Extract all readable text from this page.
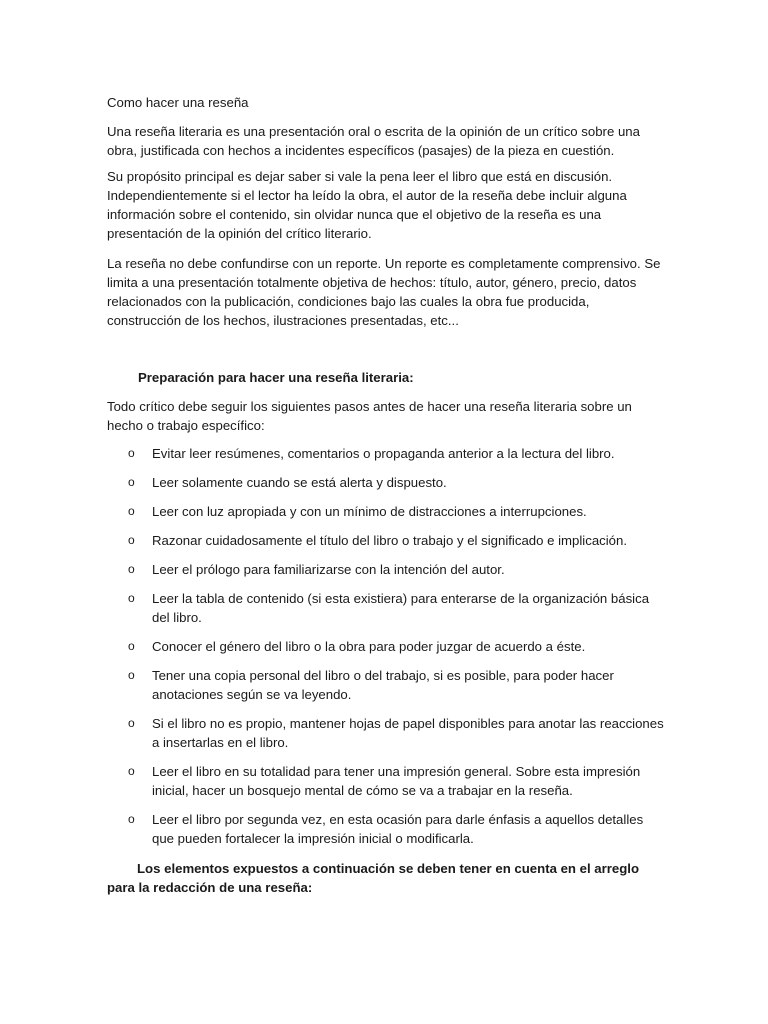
Como hacer una reseña

Una reseña literaria es una presentación oral o escrita de la opinión de un crítico sobre una obra, justificada con hechos a incidentes específicos (pasajes) de la pieza en cuestión.

Su propósito principal es dejar saber si vale la pena leer el libro que está en discusión. Independientemente si el lector ha leído la obra, el autor de la reseña debe incluir alguna información sobre el contenido, sin olvidar nunca que el objetivo de la reseña es una presentación de la opinión del crítico literario.

La reseña no debe confundirse con un reporte. Un reporte es completamente comprensivo. Se limita a una presentación totalmente objetiva de hechos: título, autor, género, precio, datos relacionados con la publicación, condiciones bajo las cuales la obra fue producida, construcción de los hechos, ilustraciones presentadas, etc...

Preparación para hacer una reseña literaria:

Todo crítico debe seguir los siguientes pasos antes de hacer una reseña literaria sobre un hecho o trabajo específico:

o Evitar leer resúmenes, comentarios o propaganda anterior a la lectura del libro.
o Leer solamente cuando se está alerta y dispuesto.
o Leer con luz apropiada y con un mínimo de distracciones a interrupciones.
o Razonar cuidadosamente el título del libro o trabajo y el significado e implicación.
o Leer el prólogo para familiarizarse con la intención del autor.
o Leer la tabla de contenido (si esta existiera) para enterarse de la organización básica del libro.
o Conocer el género del libro o la obra para poder juzgar de acuerdo a éste.
o Tener una copia personal del libro o del trabajo, si es posible, para poder hacer anotaciones según se va leyendo.
o Si el libro no es propio, mantener hojas de papel disponibles para anotar las reacciones a insertarlas en el libro.
o Leer el libro en su totalidad para tener una impresión general. Sobre esta impresión inicial, hacer un bosquejo mental de cómo se va a trabajar en la reseña.
o Leer el libro por segunda vez, en esta ocasión para darle énfasis a aquellos detalles que pueden fortalecer la impresión inicial o modificarla.

Los elementos expuestos a continuación se deben tener en cuenta en el arreglo para la redacción de una reseña:
